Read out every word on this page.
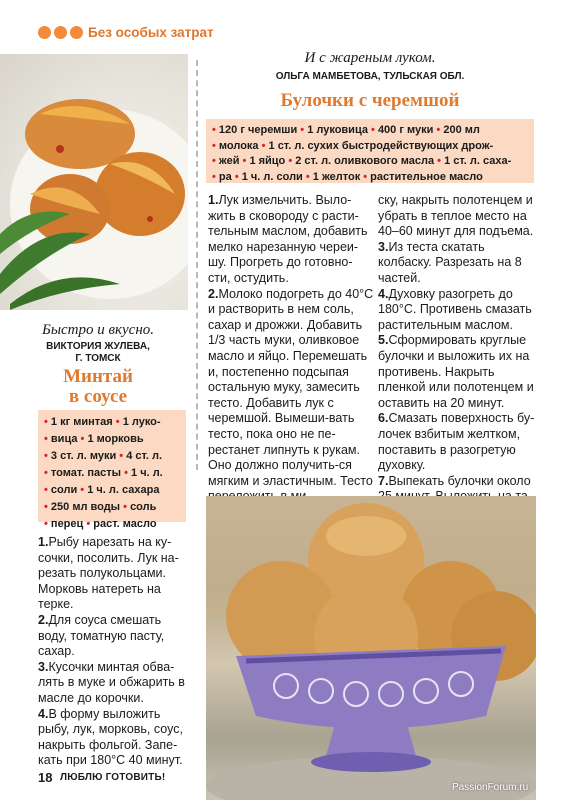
Без особых затрат
Быстро и вкусно.
ВИКТОРИЯ ЖУЛЕВА,
Г. ТОМСК
Минтай
в соусе
• 1 кг минтая • 1 луко-
• вица • 1 морковь
• 3 ст. л. муки • 4 ст. л.
• томат. пасты • 1 ч. л.
• соли • 1 ч. л. сахара
• 250 мл воды • соль
• перец • раст. масло

1.Рыбу нарезать на ку-сочки, посолить. Лук на-резать полукольцами. Морковь натереть на терке.

2.Для соуса смешать воду, томатную пасту, сахар.

3.Кусочки минтая обва-лять в муке и обжарить в масле до корочки.

4.В форму выложить рыбу, лук, морковь, соус, накрыть фольгой. Запе-кать при 180°C 40 минут.

И с жареным луком.
ОЛЬГА МАМБЕТОВА, ТУЛЬСКАЯ ОБЛ.
Булочки с черемшой
• 120 г черемши • 1 луковица • 400 г муки • 200 мл
• молока • 1 ст. л. сухих быстродействующих дрож-
• жей • 1 яйцо • 2 ст. л. оливкового масла • 1 ст. л. саха-
• ра • 1 ч. л. соли • 1 желток • растительное масло

1.Лук измельчить. Выло-жить в сковороду с расти-тельным маслом, добавить мелко нарезанную череи-шу. Прогреть до готовно-сти, остудить.

2.Молоко подогреть до 40°C и растворить в нем соль, сахар и дрожжи. Добавить 1/3 часть муки, оливковое масло и яйцо. Перемешать и, постепенно подсыпая остальную муку, замесить тесто. Добавить лук с черемшой. Вымеши-вать тесто, пока оно не пе-рестанет липнуть к рукам. Оно должно получить-ся мягким и эластичным. Тесто

ску, накрыть полотенцем и убрать в теплое место на 40–60 минут для подъема.

3.Из теста скатать колбаску. Разрезать на 8 частей.

4.Духовку разогреть до 180°C. Противень смазать растительным маслом.

5.Сформировать круглые булочки и выложить их на противень. Накрыть пленкой или полотенцем и оставить на 20 минут.

6.Смазать поверхность бу-лочек взбитым желтком, поставить в разогретую духовку.

7.Выпекать булочки около

18 ЛЮБЛЮ ГОТОВИТЬ!
PassionForum.ru
